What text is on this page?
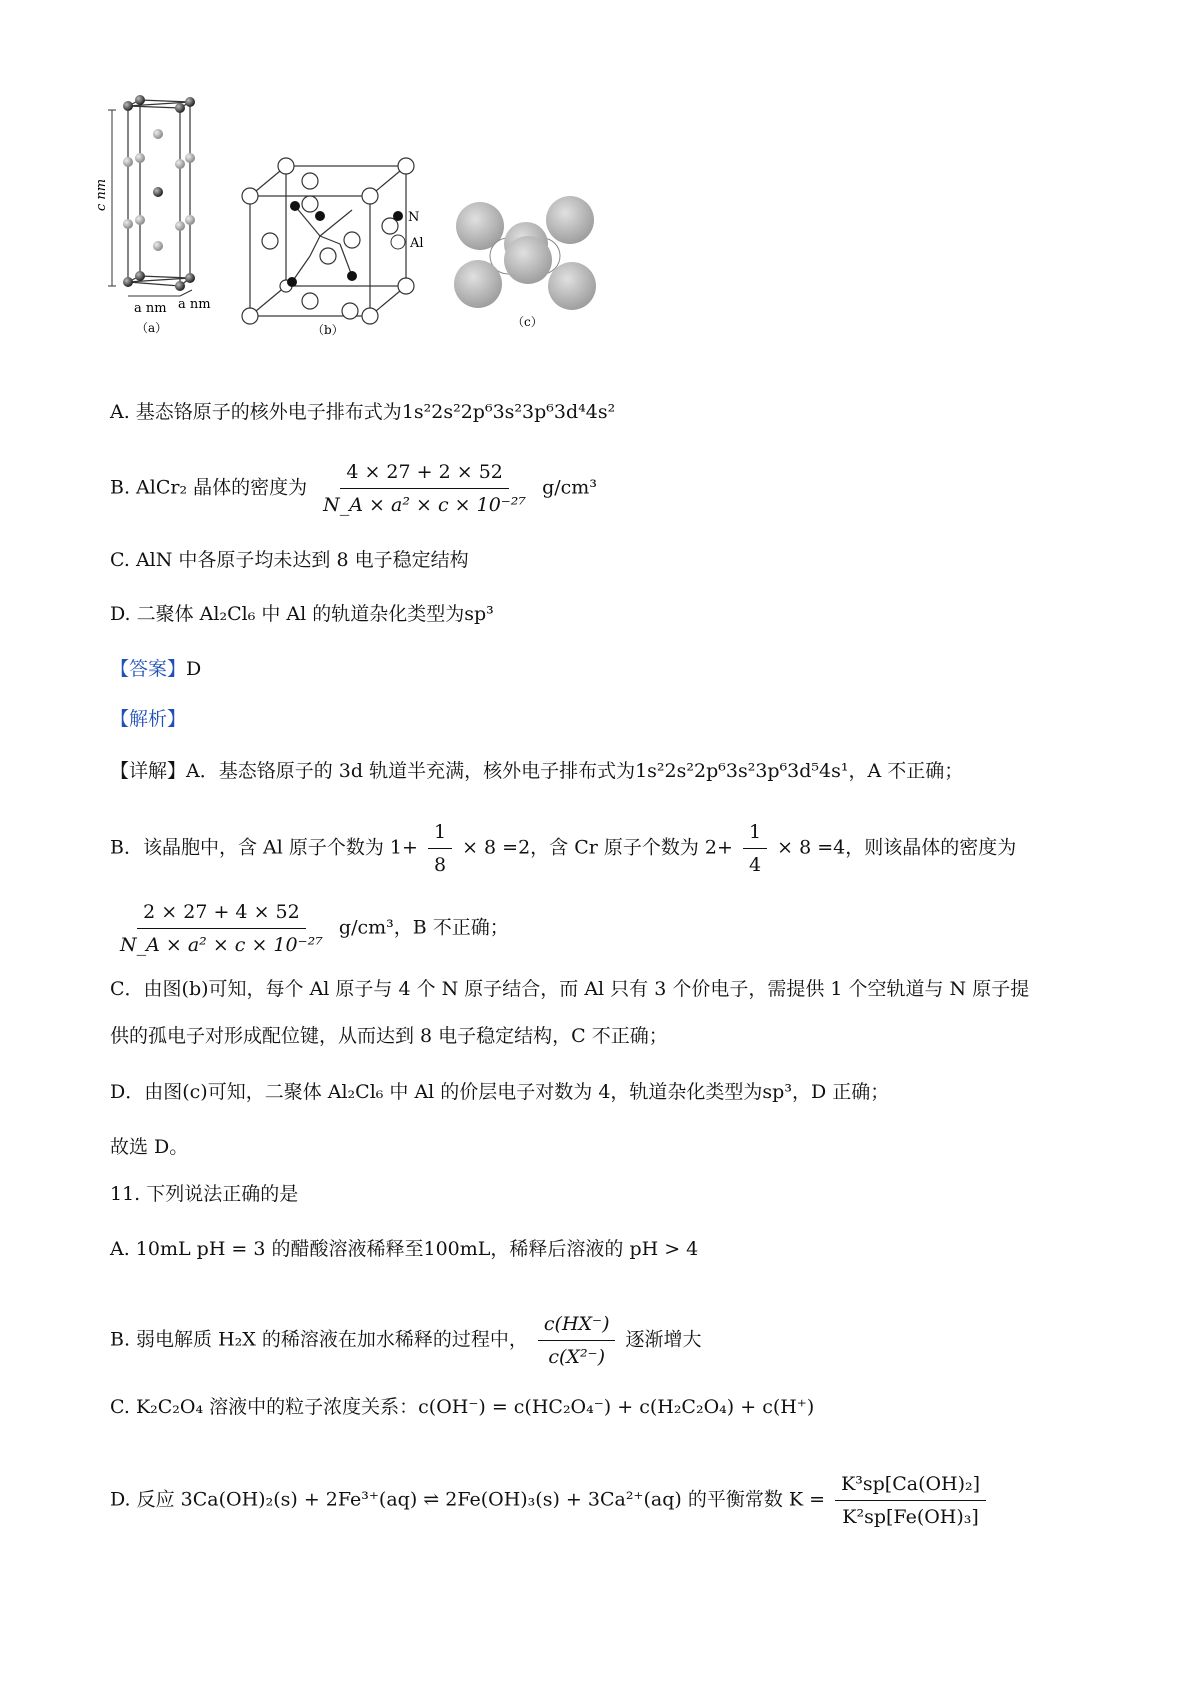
c nm
a nm a nm
（a）
N
Al
（b）
（c）
A. 基态铬原子的核外电子排布式为1s²2s²2p⁶3s²3p⁶3d⁴4s²
B. AlCr₂ 晶体的密度为 $\frac{4 \times 27 + 2 \times 52}{\text{N\_A × a² × c × 10⁻²⁷}} g/cm^3$
C. AlN 中各原子均未达到 8 电子稳定结构
D. 二聚体 Al₂Cl₆ 中 Al 的轨道杂化类型为sp³
【答案】D
【解析】
【详解】A．基态铬原子的 3d 轨道半充满，核外电子排布式为1s²2s²2p⁶3s²3p⁶3d⁵4s¹，A 不正确；
B．该晶胞中，含 Al 原子个数为 $1+ \frac{1}{8} \times 8 =2$，含 Cr 原子个数为 $2+ \frac{1}{4} \times 8 =4$，则该晶体的密度为
$\frac{2 \times 27 + 4 \times 52}{\text{N\_A × a² × c × 10⁻²⁷}} g/cm^3$，B 不正确；
C．由图(b)可知，每个 Al 原子与 4 个 N 原子结合，而 Al 只有 3 个价电子，需提供 1 个空轨道与 N 原子提
供的孤电子对形成配位键，从而达到 8 电子稳定结构，C 不正确；
D．由图(c)可知，二聚体 Al₂Cl₆ 中 Al 的价层电子对数为 4，轨道杂化类型为sp³，D 正确；
故选 D。
11. 下列说法正确的是
A. 10mL pH = 3 的醋酸溶液稀释至100mL，稀释后溶液的 pH > 4
B. 弱电解质 H₂X 的稀溶液在加水稀释的过程中， $\frac{c(HX^-)}{\text{c(X²⁻)}}$ 逐渐增大
C. K₂C₂O₄ 溶液中的粒子浓度关系：c(OH⁻) = c(HC₂O₄⁻) + c(H₂C₂O₄) + c(H⁺)
D. 反应 3Ca(OH)₂(s) + 2Fe³⁺(aq) ⇌ 2Fe(OH)₃(s) + 3Ca²⁺(aq) 的平衡常数 $K = \frac{\text{K³sp[Ca(OH)₂]}}{\text{K²sp[Fe(OH)₃]}}$
